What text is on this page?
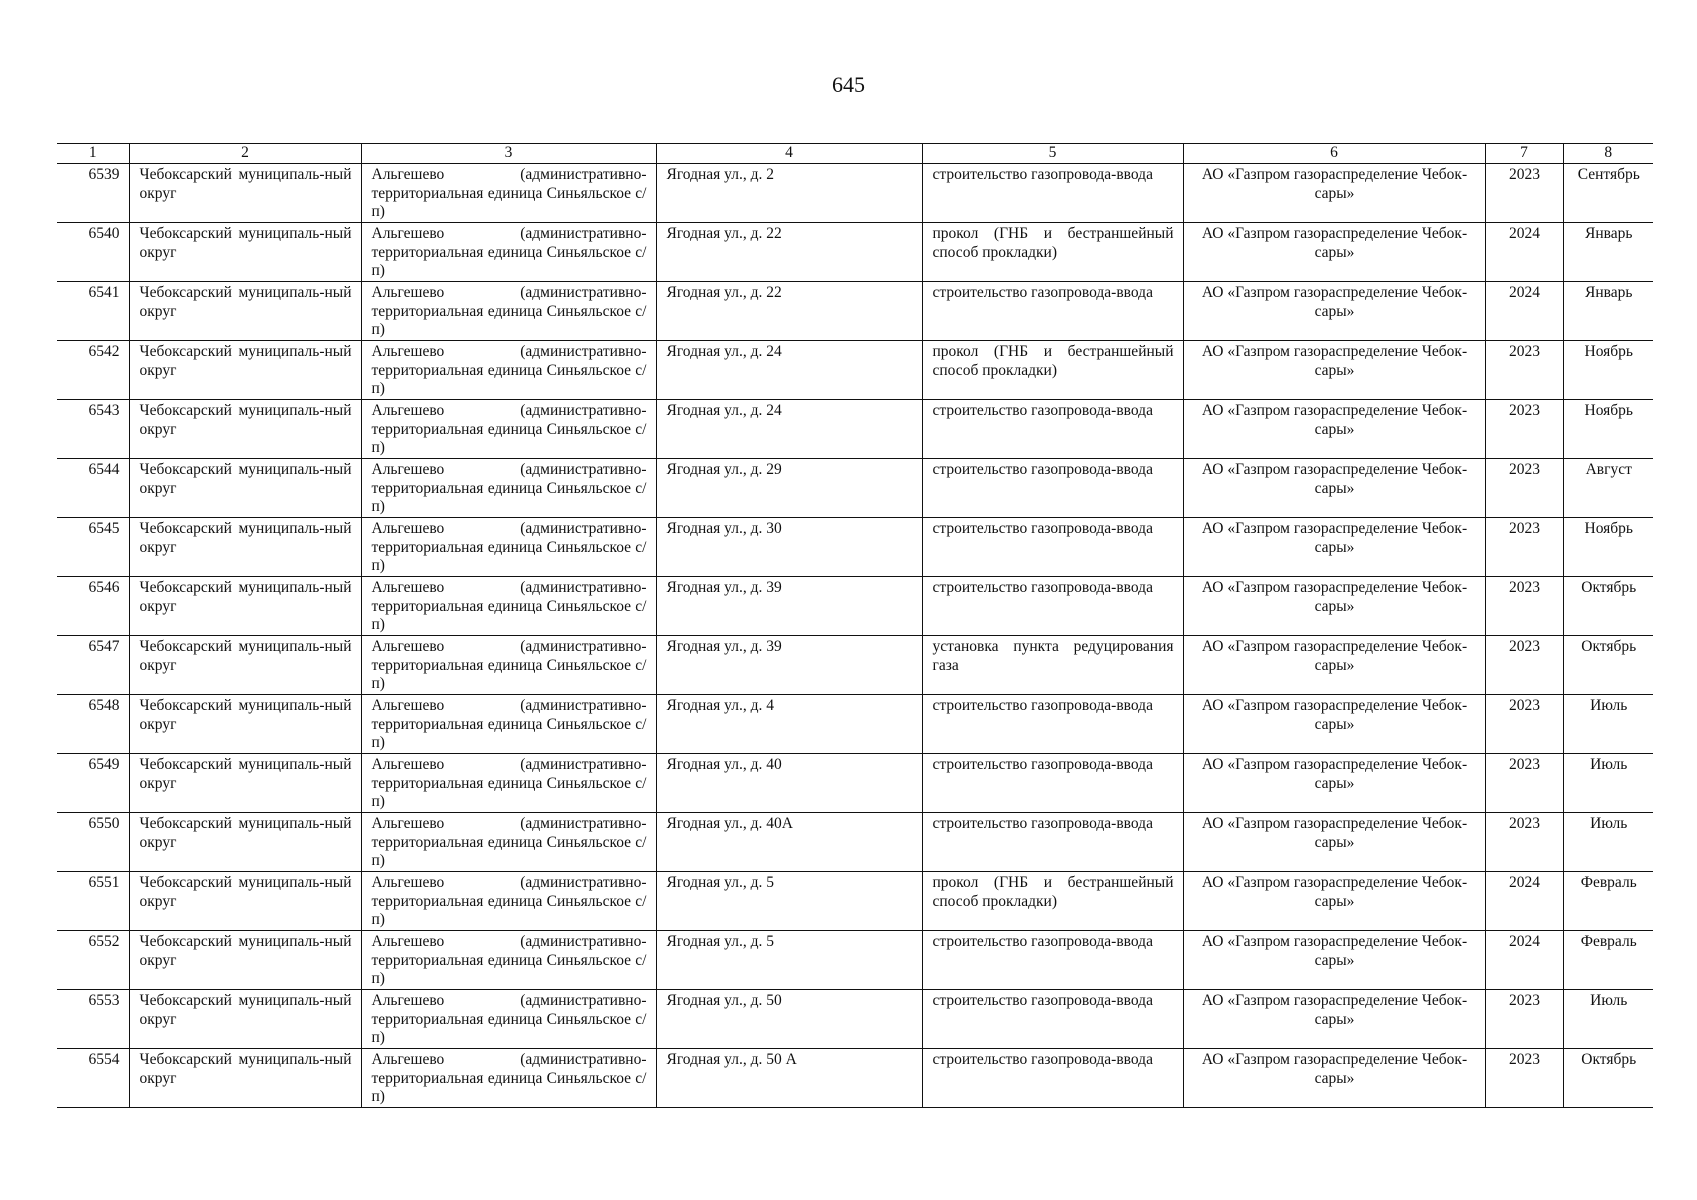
645
1	2	3	4	5	6	7	8
6539	Чебоксарский муниципаль-ный округ	Альгешево (административно-территориальная единица Синьяльское с/п)	Ягодная ул., д. 2	строительство газопровода-ввода	АО «Газпром газораспределение Чебок-сары»	2023	Сентябрь
6540	Чебоксарский муниципаль-ный округ	Альгешево (административно-территориальная единица Синьяльское с/п)	Ягодная ул., д. 22	прокол (ГНБ и бестраншейный способ прокладки)	АО «Газпром газораспределение Чебок-сары»	2024	Январь
6541	Чебоксарский муниципаль-ный округ	Альгешево (административно-территориальная единица Синьяльское с/п)	Ягодная ул., д. 22	строительство газопровода-ввода	АО «Газпром газораспределение Чебок-сары»	2024	Январь
6542	Чебоксарский муниципаль-ный округ	Альгешево (административно-территориальная единица Синьяльское с/п)	Ягодная ул., д. 24	прокол (ГНБ и бестраншейный способ прокладки)	АО «Газпром газораспределение Чебок-сары»	2023	Ноябрь
6543	Чебоксарский муниципаль-ный округ	Альгешево (административно-территориальная единица Синьяльское с/п)	Ягодная ул., д. 24	строительство газопровода-ввода	АО «Газпром газораспределение Чебок-сары»	2023	Ноябрь
6544	Чебоксарский муниципаль-ный округ	Альгешево (административно-территориальная единица Синьяльское с/п)	Ягодная ул., д. 29	строительство газопровода-ввода	АО «Газпром газораспределение Чебок-сары»	2023	Август
6545	Чебоксарский муниципаль-ный округ	Альгешево (административно-территориальная единица Синьяльское с/п)	Ягодная ул., д. 30	строительство газопровода-ввода	АО «Газпром газораспределение Чебок-сары»	2023	Ноябрь
6546	Чебоксарский муниципаль-ный округ	Альгешево (административно-территориальная единица Синьяльское с/п)	Ягодная ул., д. 39	строительство газопровода-ввода	АО «Газпром газораспределение Чебок-сары»	2023	Октябрь
6547	Чебоксарский муниципаль-ный округ	Альгешево (административно-территориальная единица Синьяльское с/п)	Ягодная ул., д. 39	установка пункта редуцирования газа	АО «Газпром газораспределение Чебок-сары»	2023	Октябрь
6548	Чебоксарский муниципаль-ный округ	Альгешево (административно-территориальная единица Синьяльское с/п)	Ягодная ул., д. 4	строительство газопровода-ввода	АО «Газпром газораспределение Чебок-сары»	2023	Июль
6549	Чебоксарский муниципаль-ный округ	Альгешево (административно-территориальная единица Синьяльское с/п)	Ягодная ул., д. 40	строительство газопровода-ввода	АО «Газпром газораспределение Чебок-сары»	2023	Июль
6550	Чебоксарский муниципаль-ный округ	Альгешево (административно-территориальная единица Синьяльское с/п)	Ягодная ул., д. 40А	строительство газопровода-ввода	АО «Газпром газораспределение Чебок-сары»	2023	Июль
6551	Чебоксарский муниципаль-ный округ	Альгешево (административно-территориальная единица Синьяльское с/п)	Ягодная ул., д. 5	прокол (ГНБ и бестраншейный способ прокладки)	АО «Газпром газораспределение Чебок-сары»	2024	Февраль
6552	Чебоксарский муниципаль-ный округ	Альгешево (административно-территориальная единица Синьяльское с/п)	Ягодная ул., д. 5	строительство газопровода-ввода	АО «Газпром газораспределение Чебок-сары»	2024	Февраль
6553	Чебоксарский муниципаль-ный округ	Альгешево (административно-территориальная единица Синьяльское с/п)	Ягодная ул., д. 50	строительство газопровода-ввода	АО «Газпром газораспределение Чебок-сары»	2023	Июль
6554	Чебоксарский муниципаль-ный округ	Альгешево (административно-территориальная единица Синьяльское с/п)	Ягодная ул., д. 50 А	строительство газопровода-ввода	АО «Газпром газораспределение Чебок-сары»	2023	Октябрь
